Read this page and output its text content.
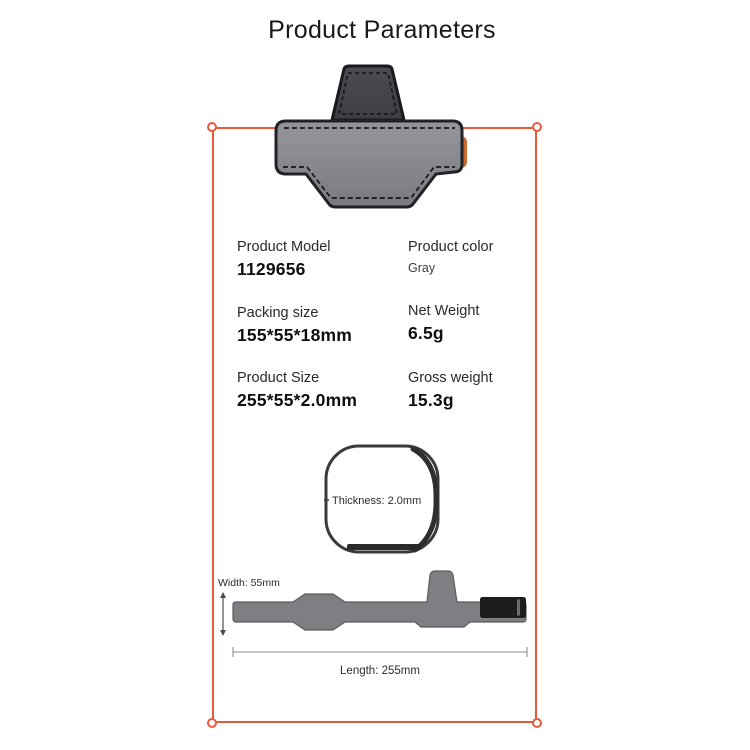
Product Parameters
Product Model
1129656
Product color
Gray
Packing size
155*55*18mm
Net Weight
6.5g
Product Size
255*55*2.0mm
Gross weight
15.3g
Thickness: 2.0mm
Width: 55mm
Length: 255mm
